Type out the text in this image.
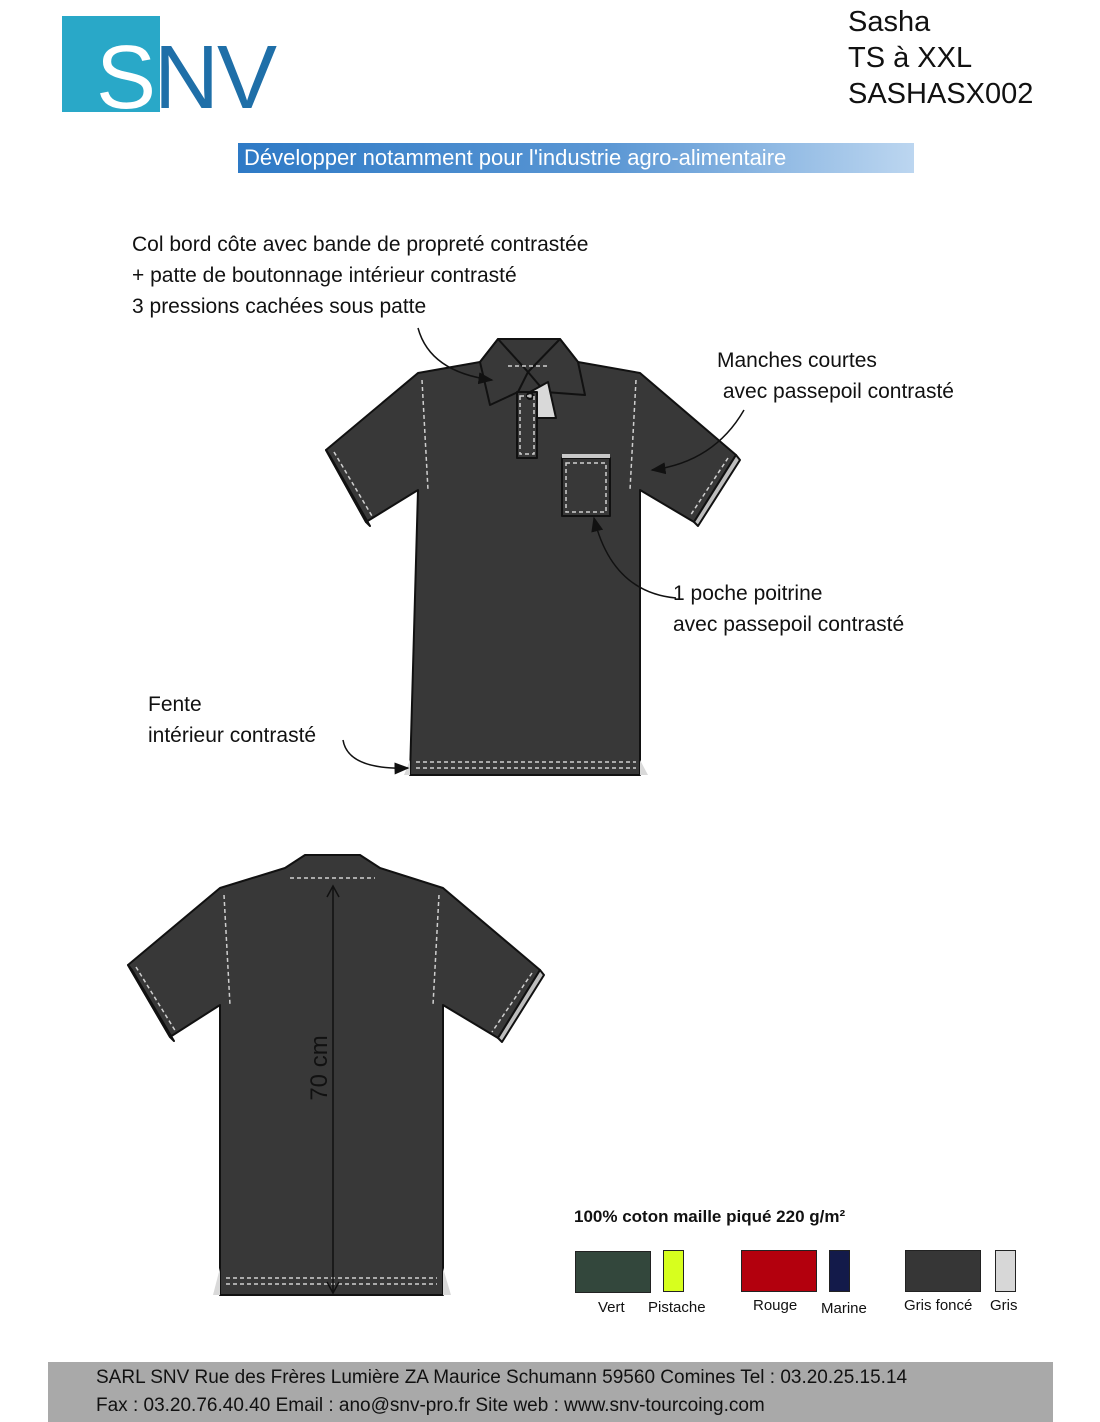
SNV
Sasha
TS à XXL
SASHASX002
Développer notamment pour l'industrie agro-alimentaire
70 cm
Col bord côte avec bande de propreté contrastée
+ patte de boutonnage intérieur contrasté
3 pressions cachées sous patte
Manches courtes
avec passepoil contrasté
1 poche poitrine
avec passepoil contrasté
Fente
intérieur contrasté
100% coton maille piqué 220 g/m²
Vert Pistache	Rouge Marine Gris foncé Gris
SARL SNV Rue des Frères Lumière ZA Maurice Schumann 59560 Comines Tel : 03.20.25.15.14
Fax : 03.20.76.40.40 Email : ano@snv-pro.fr Site web : www.snv-tourcoing.com
